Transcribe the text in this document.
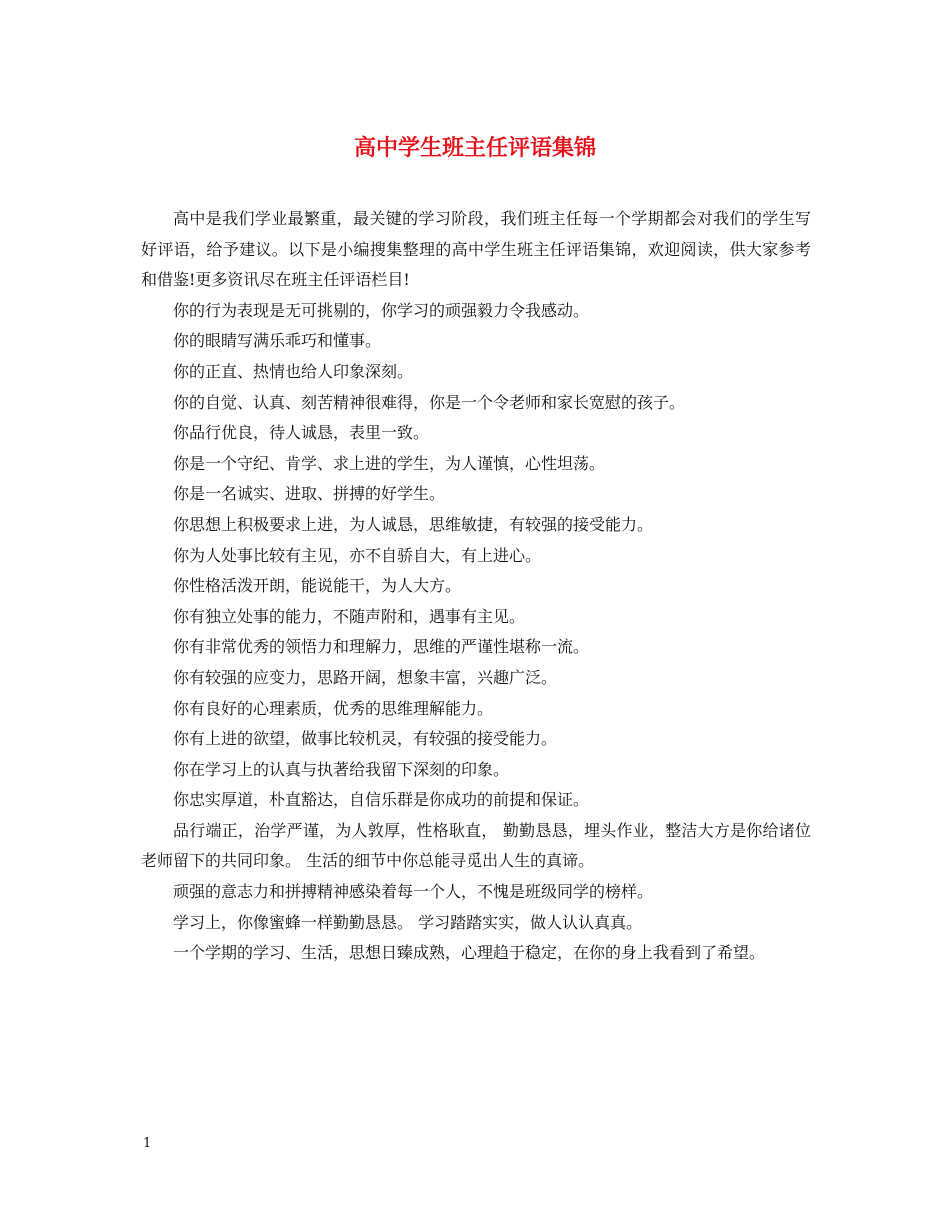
高中学生班主任评语集锦

高中是我们学业最繁重，最关键的学习阶段，我们班主任每一个学期都会对我们的学生写好评语，给予建议。以下是小编搜集整理的高中学生班主任评语集锦，欢迎阅读，供大家参考和借鉴!更多资讯尽在班主任评语栏目!

你的行为表现是无可挑剔的，你学习的顽强毅力令我感动。

你的眼睛写满乐乖巧和懂事。

你的正直、热情也给人印象深刻。

你的自觉、认真、刻苦精神很难得，你是一个令老师和家长宽慰的孩子。

你品行优良，待人诚恳，表里一致。

你是一个守纪、肯学、求上进的学生，为人谨慎，心性坦荡。

你是一名诚实、进取、拼搏的好学生。

你思想上积极要求上进，为人诚恳，思维敏捷，有较强的接受能力。

你为人处事比较有主见，亦不自骄自大，有上进心。

你性格活泼开朗，能说能干，为人大方。

你有独立处事的能力，不随声附和，遇事有主见。

你有非常优秀的领悟力和理解力，思维的严谨性堪称一流。

你有较强的应变力，思路开阔，想象丰富，兴趣广泛。

你有良好的心理素质，优秀的思维理解能力。

你有上进的欲望，做事比较机灵，有较强的接受能力。

你在学习上的认真与执著给我留下深刻的印象。

你忠实厚道，朴直豁达，自信乐群是你成功的前提和保证。

品行端正，治学严谨，为人敦厚，性格耿直， 勤勤恳恳，埋头作业，整洁大方是你给诸位老师留下的共同印象。 生活的细节中你总能寻觅出人生的真谛。

顽强的意志力和拼搏精神感染着每一个人，不愧是班级同学的榜样。

学习上，你像蜜蜂一样勤勤恳恳。 学习踏踏实实，做人认认真真。

一个学期的学习、生活，思想日臻成熟，心理趋于稳定，在你的身上我看到了希望。

1
